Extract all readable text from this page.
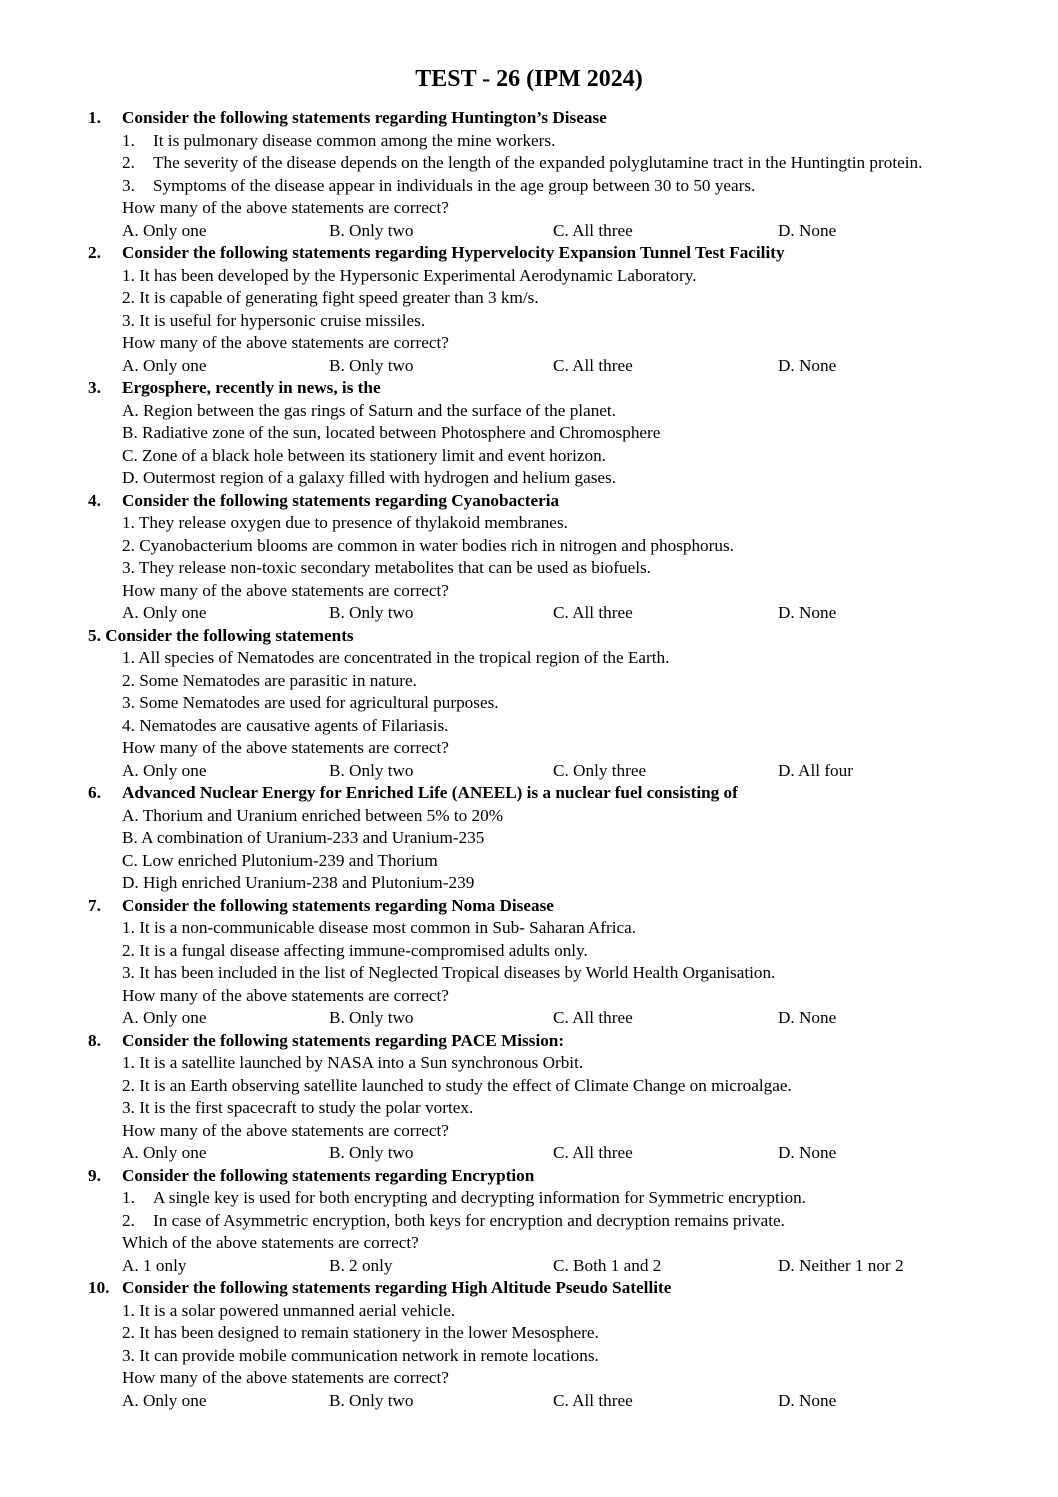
TEST - 26 (IPM 2024)
1. Consider the following statements regarding Huntington’s Disease
1. It is pulmonary disease common among the mine workers.
2. The severity of the disease depends on the length of the expanded polyglutamine tract in the Huntingtin protein.
3. Symptoms of the disease appear in individuals in the age group between 30 to 50 years.
How many of the above statements are correct?
A. Only one	B. Only two	C. All three	D. None
2. Consider the following statements regarding Hypervelocity Expansion Tunnel Test Facility
1. It has been developed by the Hypersonic Experimental Aerodynamic Laboratory.
2. It is capable of generating fight speed greater than 3 km/s.
3. It is useful for hypersonic cruise missiles.
How many of the above statements are correct?
A. Only one	B. Only two	C. All three	D. None
3. Ergosphere, recently in news, is the
A. Region between the gas rings of Saturn and the surface of the planet.
B. Radiative zone of the sun, located between Photosphere and Chromosphere
C. Zone of a black hole between its stationery limit and event horizon.
D. Outermost region of a galaxy filled with hydrogen and helium gases.
4. Consider the following statements regarding Cyanobacteria
1. They release oxygen due to presence of thylakoid membranes.
2. Cyanobacterium blooms are common in water bodies rich in nitrogen and phosphorus.
3. They release non-toxic secondary metabolites that can be used as biofuels.
How many of the above statements are correct?
A. Only one	B. Only two	C. All three	D. None
5. Consider the following statements
1. All species of Nematodes are concentrated in the tropical region of the Earth.
2. Some Nematodes are parasitic in nature.
3. Some Nematodes are used for agricultural purposes.
4. Nematodes are causative agents of Filariasis.
How many of the above statements are correct?
A. Only one	B. Only two	C. Only three	D. All four
6. Advanced Nuclear Energy for Enriched Life (ANEEL) is a nuclear fuel consisting of
A. Thorium and Uranium enriched between 5% to 20%
B. A combination of Uranium-233 and Uranium-235
C. Low enriched Plutonium-239 and Thorium
D. High enriched Uranium-238 and Plutonium-239
7. Consider the following statements regarding Noma Disease
1. It is a non-communicable disease most common in Sub- Saharan Africa.
2. It is a fungal disease affecting immune-compromised adults only.
3. It has been included in the list of Neglected Tropical diseases by World Health Organisation.
How many of the above statements are correct?
A. Only one	B. Only two	C. All three	D. None
8. Consider the following statements regarding PACE Mission:
1. It is a satellite launched by NASA into a Sun synchronous Orbit.
2. It is an Earth observing satellite launched to study the effect of Climate Change on microalgae.
3. It is the first spacecraft to study the polar vortex.
How many of the above statements are correct?
A. Only one	B. Only two	C. All three	D. None
9. Consider the following statements regarding Encryption
1. A single key is used for both encrypting and decrypting information for Symmetric encryption.
2. In case of Asymmetric encryption, both keys for encryption and decryption remains private.
Which of the above statements are correct?
A. 1 only	B. 2 only	C. Both 1 and 2	D. Neither 1 nor 2
10. Consider the following statements regarding High Altitude Pseudo Satellite
1. It is a solar powered unmanned aerial vehicle.
2. It has been designed to remain stationery in the lower Mesosphere.
3. It can provide mobile communication network in remote locations.
How many of the above statements are correct?
A. Only one	B. Only two	C. All three	D. None
